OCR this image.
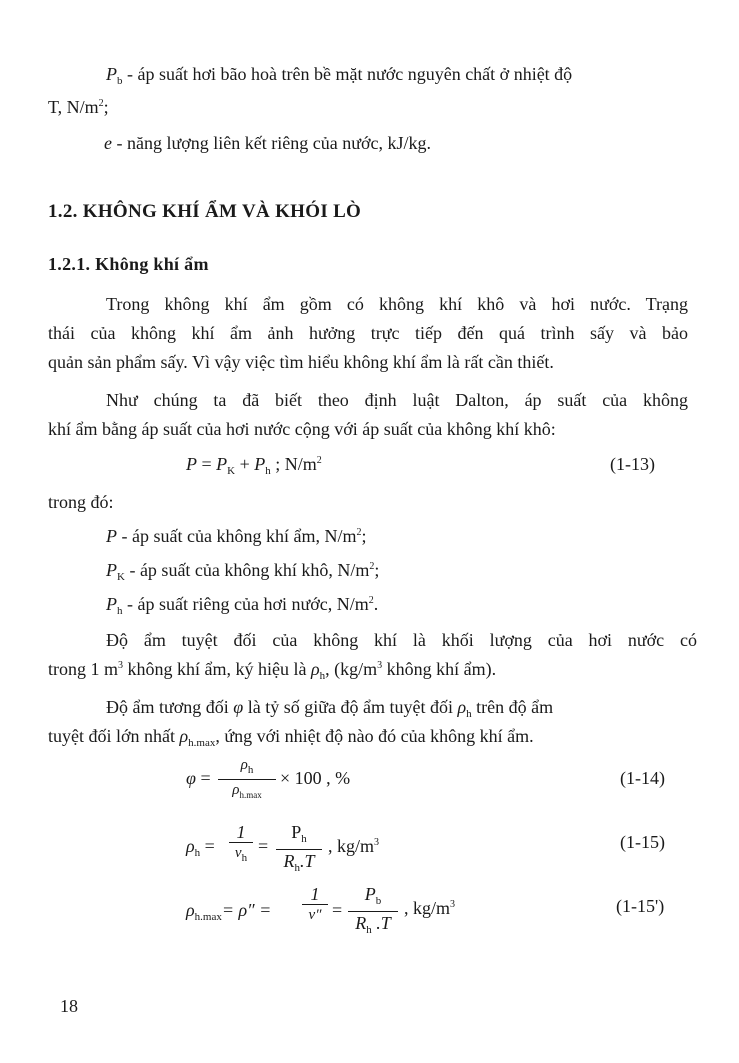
$P_b$ - áp suất hơi bão hoà trên bề mặt nước nguyên chất ở nhiệt độ
T, $N/m^2$;
e - năng lượng liên kết riêng của nước, kJ/kg.
1.2. KHÔNG KHÍ ẨM VÀ KHÓI LÒ
1.2.1. Không khí ẩm
Trong không khí ẩm gồm có không khí khô và hơi nước. Trạng
thái của không khí ẩm ảnh hưởng trực tiếp đến quá trình sấy và bảo
quản sản phẩm sấy. Vì vậy việc tìm hiểu không khí ẩm là rất cần thiết.
Như chúng ta đã biết theo định luật Dalton, áp suất của không
khí ẩm bằng áp suất của hơi nước cộng với áp suất của không khí khô:
$P = P_K + P_h$ ; $N/m^2$	(1-13)
trong đó:
P - áp suất của không khí ẩm, $N/m^2$;
$P_K$ - áp suất của không khí khô, $N/m^2$;
$P_h$ - áp suất riêng của hơi nước, $N/m^2$.
Độ ẩm tuyệt đối của không khí là khối lượng của hơi nước có
trong 1 $m^3$ không khí ẩm, ký hiệu là $\rho_h$, ($kg/m^3$ không khí ẩm).
Độ ẩm tương đối φ là tỷ số giữa độ ẩm tuyệt đối $\rho_h$ trên độ ẩm
tuyệt đối lớn nhất $\rho_{h.max}$, ứng với nhiệt độ nào đó của không khí ẩm.
φ =
$\rho_h$
$\rho_{h.max}$
× 100 , %	(1-14)
$\rho_h$ =
1
$v_h$
=
$P_h$
$R_h.T$
, $kg/m^3$	(1-15)
$\rho_{h.max}= \rho''$ =
1
v″ =
$P_b$
$R_h$ .T
, $kg/m^3$	(1-15')
18
